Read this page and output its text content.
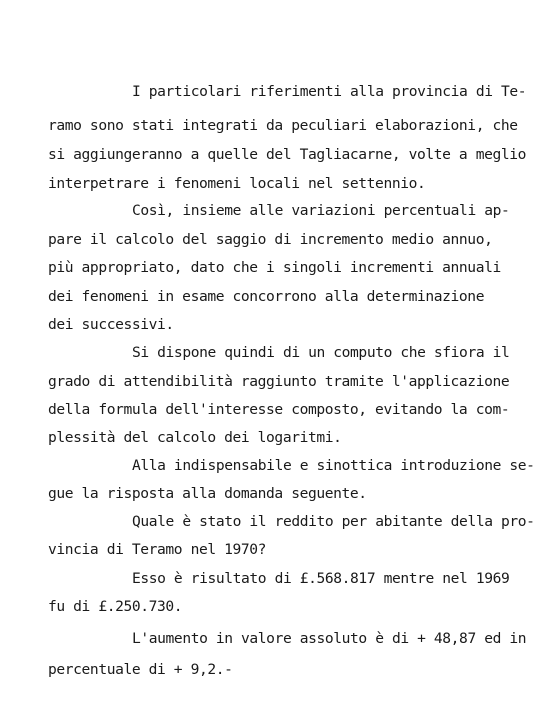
I particolari riferimenti alla provincia di Te-
ramo sono stati integrati da peculiari elaborazioni, che
si aggiungeranno a quelle del Tagliacarne, volte a meglio
interpetrare i fenomeni locali nel settennio.
Così, insieme alle variazioni percentuali ap-
pare il calcolo del saggio di incremento medio annuo,
più appropriato, dato che i singoli incrementi annuali
dei fenomeni in esame concorrono alla determinazione
dei successivi.
Si dispone quindi di un computo che sfiora il
grado di attendibilità raggiunto tramite l'applicazione
della formula dell'interesse composto, evitando la com-
plessità del calcolo dei logaritmi.
Alla indispensabile e sinottica introduzione se-
gue la risposta alla domanda seguente.
Quale è stato il reddito per abitante della pro-
vincia di Teramo nel 1970?
Esso è risultato di £.568.817 mentre nel 1969
fu di £.250.730.
L'aumento in valore assoluto è di + 48,87 ed in
percentuale di + 9,2.-
